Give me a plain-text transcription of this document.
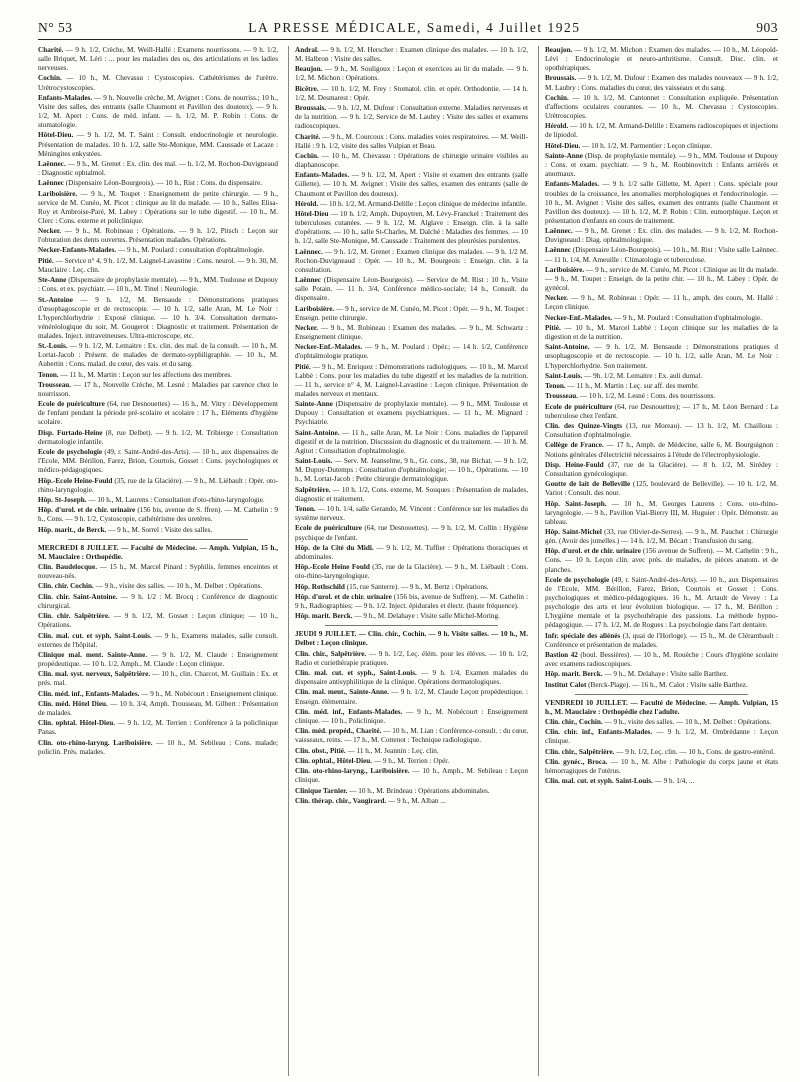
N° 53	LA PRESSE MÉDICALE, Samedi, 4 Juillet 1925	903

Charité. — 9 h. 1/2, Crèche, M. Weill-Hallé : Examens nourrissons. — 9 h. 1/2, salle Briquet, M. Léri : ... pour les maladies des os, des articulations et les ladies nerveuses.

Cochin. — 10 h., M. Chevassu : Cystoscopies. Cathétérismes de l'urètre. Urétrocystoscopies.

Enfants-Malades. — 9 h. Nouvelle crèche, M. Avignet : Cons. de nourriss.; 10 h., Visite des salles, des entrants (salle Chaumont et Pavillon des douteux). — 9 h. 1/2, M. Apert : Cons. de méd. infant. — h. 1/2, M. P. Robin : Cons. de stomatologie.

Hôtel-Dieu. — 9 h. 1/2, M. T. Saint : Consult. endocrinologie et neurologie. Présentation de malades. 10 h. 1/2, salle Ste-Monique, MM. Caussade et Lacaze : Méningites enkystées.

Laënnec. — 9 h., M. Grenet : Ex. clin. des mal. — h. 1/2, M. Rochon-Duvigneaud : Diagnostic ophtalmol.

Laënnec (Dispensaire Léon-Bourgeois). — 10 h., Rist : Cons. du dispensaire.

Lariboisière. — 9 h., M. Toupet : Enseignement de petite chirurgie. — 9 h., service de M. Cunéo, M. Picot : clinique au lit du malade. — 10 h., Salles Elisa-Roy et Ambroise-Paré, M. Labey : Opérations sur le tube digestif. — 10 h., M. Clerc : Cons. externe et policlinique.

Necker. — 9 h., M. Robineau : Opérations. — 9 h. 1/2, Pitsch : Leçon sur l'obturation des dents ouvertes. Présentation malades. Opérations.

Necker-Enfants-Malades. — 9 h., M. Poulard : consultation d'ophtalmologie.

Pitié. — Service n° 4, 9 h. 1/2, M. Laignel-Lavastine : Cons. neurol. — 9 h. 30, M. Mauclaire : Leç. clin.

Ste-Anne (Dispensaire de prophylaxie mentale). — 9 h., MM. Toulouse et Dupouy : Cons. et ex. psychiatr. — 10 h., M. Tinel : Neurologie.

St.-Antoine — 9 h. 1/2, M. Bensaude : Démonstrations pratiques d'œsophagoscopie et de rectoscopie. — 10 h. 1/2, salle Aran, M. Le Noir : L'hyperchlorhydrie : Exposé clinique. — 10 h. 3/4. Consultation dermato-vénéréologique du soir, M. Gougerot : Diagnostic et traitement. Présentation de malades. Inject. intraveineuses. Ultra-microscope, etc.

St.-Louis. — 9 h. 1/2, M. Lemaitre : Ex. clin. des mal. de la consult. — 10 h., M. Lortat-Jacob : Présent. de malades de dermato-syphiligraphie. — 10 h., M. Aubertin : Cons. malad. du cœur, des vais. et du sang.

Tenon. — 11 h., M. Martin : Leçon sur les affections des membres.

Trousseau. — 17 h., Nouvelle Crèche, M. Lesné : Maladies par carence chez le nourrisson.

Ecole de puériculture (64, rue Desnouettes) — 16 h., M. Vitry : Développement de l'enfant pendant la période pré-scolaire et scolaire : 17 h., Eléments d'hygiène scolaire.

Disp. Furtado-Heine (8, rue Delbet). — 9 h. 1/2, M. Tribierge : Consultation dermatologie infantile.

Ecole de psychologie (49, r. Saint-André-des-Arts). — 10 h., aux dispensaires de l'Ecole, MM. Bérillon, Farez, Brion, Courtois, Gosset : Cons. psychologiques et médico-pédagogiques.

Hôp.-Ecole Heine-Fould (35, rue de la Glacière). — 9 h., M. Liébault : Opér. oto-rhino-laryngologie.

Hôp. St-Joseph. — 10 h., M. Laurens : Consultation d'oto-rhino-laryngologie.

Hôp. d'urol. et de chir. urinaire (156 bis, avenue de S. ffren). — M. Cathelin : 9 h., Cons. — 9 h. 1/2, Cystoscopie, cathétérisme des uretères.

Hôp. marit., de Berck. — 9 h., M. Sorrel : Visite des salles.

MERCREDI 8 JUILLET. — Faculté de Médecine. — Amph. Vulpian, 15 h., M. Mauclaire : Orthopédie.

Clin. Baudelocque. — 15 h., M. Marcel Pinard : Syphilis, femmes enceintes et nouveau-nés.

Clin. chir. Cochin. — 9 h., visite des salles. — 10 h., M. Delbet : Opérations.

Clin. chir. Saint-Antoine. — 9 h. 1/2 : M. Brocq : Conférence de diagnostic chirurgical.

Clin. chir. Salpêtrière. — 9 h. 1/2, M. Gosset : Leçon clinique; — 10 h., Opérations.

Clin. mal. cut. et syph. Saint-Louis. — 9 h., Examens malades, salle consult. externes de l'hôpital.

Clinique mal. ment. Sainte-Anne. — 9 h. 1/2, M. Claude : Enseignement propédeutique. — 10 h. 1/2, Amph., M. Claude : Leçon clinique.

Clin. mal. syst. nerveux, Salpêtrière. — 10 h., clin. Charcot, M. Guillain : Ex. et prés. mal.

Clin. méd. inf., Enfants-Malades. — 9 h., M. Nobécourt : Enseignement clinique.

Clin. méd. Hôtel Dieu. — 10 h. 3/4, Amph. Trousseau, M. Gilbert : Présentation de malades.

Clin. ophtal. Hôtel-Dieu. — 9 h. 1/2, M. Terrien : Conférence à la policlinique Panas.

Clin. oto-rhino-laryng. Lariboisière. — 10 h., M. Sebileau : Cons. malade; policlin. Prés. malades.

Andral. — 9 h. 1/2, M. Herscher : Examen clinique des malades. — 10 h. 1/2, M. Halbron : Visite des salles.

Beaujon. — 9 h., M. Souligoux : Leçon et exercices au lit du malade. — 9 h. 1/2, M. Michon : Opérations.

Bicêtre. — 10 h. 1/2, M. Frey : Stomatol. clin. et opér. Orthodontie. — 14 h. 1/2, M. Desmarest : Opér.

Broussais. — 9 h. 1/2, M. Dufour : Consultation externe. Maladies nerveuses et de la nutrition. — 9 h. 1/2, Service de M. Laubry : Visite des salles et examens radioscopiques.

Charité. — 9 h., M. Courcoux : Cons. maladies voies respiratoires. — M. Weill-Hallé : 9 h. 1/2, visite des salles Vulpian et Beau.

Cochin. — 10 h., M. Chevassu : Opérations de chirurgie urinaire visibles au diaphanoscope.

Enfants-Malades. — 9 h. 1/2, M. Apert : Visite et examen des entrants (salle Gillette). — 10 h. M. Avignet : Visite des salles, examen des entrants (salle de Chaumont et Pavillon des douteux).

Hérold. — 10 h. 1/2, M. Armand-Delille : Leçon clinique de médecine infantile.

Hôtel-Dieu — 10 h. 1/2, Amph. Dupuytren, M. Lévy-Franckel : Traitement des tuberculoses cutanées. — 9 h. 1/2, M. Alglave : Enseign. clin. à la salle d'opérations. — 10 h., salle St-Charles, M. Dalché : Maladies des femmes. — 10 h. 1/2, salle Ste-Monique, M. Caussade : Traitement des pleurésies purulentes.

Laënnec. — 9 h. 1/2, M. Grenet : Examen clinique des malades. — 9 h. 1/2 M. Rochon-Duvigneaud : Opér. — 10 h., M. Bourgeois : Enseign. clin. à la consultation.

Laënnec (Dispensaire Léon-Bourgeois). — Service de M. Rist : 10 h., Visite salle Potain. — 11 h. 3/4, Conférence médico-sociale; 14 h., Consult. du dispensaire.

Lariboisière. — 9 h., service de M. Cunéo, M. Picot : Opér. — 9 h., M. Toupet : Enseign. petite chirurgie.

Necker. — 9 h., M. Robineau : Examen des malades. — 9 h., M. Schwartz : Enseignement clinique.

Necker-Enf.-Malades. — 9 h., M. Poulard : Opér.; — 14 h. 1/2, Conférence d'ophtalmologie pratique.

Pitié. — 9 h., M. Enriquez : Démonstrations radiologiques. — 10 h., M. Marcel Labbé : Cons. pour les maladies du tube digestif et les maladies de la nutrition. — 11 h., service n° 4, M. Laignel-Lavastine : Leçon clinique. Présentation de malades nerveux et mentaux.

Sainte-Anne (Dispensaire de prophylaxie mentale). — 9 h., MM. Toulouse et Dupouy : Consultation et examens psychiatriques. — 11 h., M. Mignard : Psychiatrie.

Saint-Antoine. — 11 h., salle Aran, M. Le Noir : Cons. maladies de l'appareil digestif et de la nutrition. Discussion du diagnostic et du traitement. — 10 h. M. Agitot : Consultation d'ophtalmologie.

Saint-Louis. — Serv. M. Jeanselme, 9 h., Gr. cons., 38, rue Bichat. — 9 h. 1/2, M. Dupuy-Dutemps : Consultation d'ophtalmologie; — 10 h., Opérations. — 10 h., M. Lortat-Jacob : Petite chirurgie dermatologique.

Salpêtrière. — 10 h. 1/2, Cons. externe, M. Souques : Présentation de malades, diagnostic et traitement.

Tenon. — 10 h. 1/4, salle Gerando, M. Vincent : Conférence sur les maladies du système nerveux.

Ecole de puériculture (64, rue Desnouettes). — 9 h. 1/2, M. Collin : Hygiène psychique de l'enfant.

Hôp. de la Cité du Midi. — 9 h. 1/2, M. Tuffier : Opérations thoraciques et abdominales.

Hôp.-Ecole Heine Fould (35, rue de la Glacière). — 9 h., M. Liébault : Cons. oto-rhino-laryngologique.

Hôp. Rothschild (15, rue Santerre). — 9 h., M. Bertz : Opérations.

Hôp. d'urol. et de chir. urinaire (156 bis, avenue de Suffren). — M. Cathelin : 9 h., Radiographies; — 9 h. 1/2. Inject. épidurales et électr. (haute fréquence).

Hôp. marit. Berck. — 9 h., M. Delahaye : Visite salle Michel-Moring.

JEUDI 9 JUILLET. — Clin. chir., Cochin. — 9 h. Visite salles. — 10 h., M. Delbet : Leçon clinique.

Clin. chir., Salpêtrière. — 9 h. 1/2, Leç. élém. pour les élèves. — 10 h. 1/2, Radio et curiethérapie pratiques.

Clin. mal. cut. et syph., Saint-Louis. — 9 h. 1/4, Examen malades du dispensaire antisyphilitique de la clinique. Opérations dermatologiques.

Clin. mal. ment., Sainte-Anne. — 9 h. 1/2, M. Claude Leçon propédeutique. : Enseign. élémentaire.

Clin. méd. inf., Enfants-Malades. — 9 h., M. Nobécourt : Enseignement clinique. — 10 h., Policlinique.

Clin. méd. propéd., Charité. — 10 h., M. Lian : Conférence-consult. : du cœur, vaisseaux, reins. — 17 h., M. Cottenot : Technique radiologique.

Clin. obst., Pitié. — 11 h., M. Jeannin : Leç. clin.

Clin. ophtal., Hôtel-Dieu. — 9 h., M. Terrien : Opér.

Clin. oto-rhino-laryng., Lariboisière. — 10 h., Amph., M. Sebileau : Leçon clinique.

Clinique Tarnier. — 10 h., M. Brindeau : Opérations abdominales.

Clin. thérap. chir., Vaugirard. — 9 h., M. Alban ...

Beaujon. — 9 h. 1/2, M. Michon : Examen des malades. — 10 h., M. Léopold-Lévi : Endocrinologie et neuro-arthritisme. Consult. Disc. clin. et opothérapiques.

Broussais. — 9 h. 1/2, M. Dufour : Examen des malades nouveaux — 9 h. 1/2, M. Laubry : Cons. maladies du cœur, des vaisseaux et du sang.

Cochin. — 10 h. 1/2, M. Cantonnet : Consultation expliquée. Présentation d'affections oculaires courantes. — 10 h., M. Chevassu : Cystoscopies. Urétroscopies.

Hérold. — 10 h. 1/2, M. Armand-Delille : Examens radioscopiques et injections de lipiodol.

Hôtel-Dieu. — 10 h. 1/2, M. Parmentier : Leçon clinique.

Sainte-Anne (Disp. de prophylaxie mentale). — 9 h., MM. Toulouse et Dupouy : Cons. et exam. psychiatr. — 9 h., M. Roubinovitch : Enfants arriérés et anormaux.

Enfants-Malades. — 9 h. 1/2 salle Gillette, M. Apert : Cons. spéciale pour troubles de la croissance, les anomalies morphologiques et l'endocrinologie. — 10 h., M. Avignet : Visite des salles, examen des entrants (salle Chaumont et Pavillon des douteux). — 10 h. 1/2, M. P. Robin : Clin. eumorphique. Leçon et présentation d'enfants en cours de traitement.

Laënnec. — 9 h., M. Grenet : Ex. clin. des malades. — 9 h. 1/2, M. Rochon-Duvigneaud : Diag. ophtalmologique.

Laënnec (Dispensaire Léon-Bourgeois). — 10 h., M. Rist : Visite salle Laënnec. — 11 h. 1/4, M. Ameuille : Climatologie et tuberculose.

Lariboisière. — 9 h., service de M. Cunéo, M. Picot : Clinique au lit du malade. — 9 h., M. Toupet : Enseign. de la petite chir. — 10 h., M. Labey : Opér. de gynécol.

Necker. — 9 h., M. Robineau : Opér. — 11 h., amph. des cours, M. Hallé : Leçon clinique.

Necker-Enf.-Malades. — 9 h., M. Poulard : Consultation d'ophtalmologie.

Pitié. — 10 h., M. Marcel Labbé : Leçon clinique sur les maladies de la digestion et de la nutrition.

Saint-Antoine. — 9 h. 1/2, M. Bensaude : Démonstrations pratiques d œsophagoscopie et de rectoscopie. — 10 h. 1/2, salle Aran, M. Le Noir : L'hyperchlorhydrie. Son traitement.

Saint-Louis. — 9h. 1/2, M. Lemaitre : Ex. auli dumal.

Tenon. — 11 h., M. Martin : Leç. sur aff. des membr.

Trousseau. — 10 h. 1/2, M. Lesné : Cons. des nourrissons.

Ecole de puériculture (64, rue Desnouettes); — 17 h., M. Léon Bernard : La tuberculose chez l'enfant.

Clin. des Quinze-Vingts (13, rue Moreau). — 13 h. 1/2, M. Chaillous : Consultation d'ophtalmologie.

Collège de France. — 17 h., Amph. de Médecine, salle 6, M. Bourguignon : Notions générales d'électricité nécessaires à l'étude de l'électrophysiologie.

Disp. Heine-Fould (37, rue de la Glacière). — 8 h. 1/2, M. Sirédey : Consultation gynécologique.

Goutte de lait de Belleville (125, boulevard de Belleville). — 10 h. 1/2, M. Variot : Consult. des nour.

Hôp. Saint-Joseph. — 10 h., M. Georges Laurens : Cons. oto-rhino-laryngologie. — 9 h., Pavillon Vial-Bierry III, M. Huguier : Opér. Démonstr. au tableau.

Hôp. Saint-Michel (33, rue Olivier-de-Serres). — 9 h., M. Pauchet : Chirurgie gén. (Avoir des jumelles.) — 14 h. 1/2, M. Bécart : Transfusion du sang.

Hôp. d'urol. et de chir. urinaire (156 avenue de Suffren). — M. Cathelin : 9 h., Cons. — 10 h. Leçon clin. avec prés. de malades, de pièces anatom. et de planches.

Ecole de psychologie (49, r. Saint-André-des-Arts). — 10 h., aux Dispensaires de l'Ecole, MM. Bérillon, Farez, Brion, Courtois et Gosset : Cons. psychologiques et médico-pédagogiques. 16 h., M. Artault de Vevey : La psychologie des arts et leur évolution biologique. — 17 h., M. Bérillon : L'hygiène mentale et la psychothérapie des passions. La méthode hypno-pédagogique. — 17 h. 1/2, M. de Rogues : La psychologie dans l'art dentaire.

Infr. spéciale des aliénés (3, quai de l'Horloge). — 15 h., M. de Clérambault : Conférence et présentation de malades.

Bastion 42 (boul. Bessières). — 10 h., M. Rouèche : Cours d'hygiène scolaire avec examens radioscopiques.

Hôp. marit. Berck. — 9 h., M. Delahaye : Visite salle Barthez.

Institut Calot (Berck-Plage). — 16 h., M. Calot : Visite salle Barthez.

VENDREDI 10 JUILLET. — Faculté de Médecine. — Amph. Vulpian, 15 h., M. Mauclaire : Orthopédie chez l'adulte.

Clin. chir., Cochin. — 9 h., visite des salles. — 10 h., M. Delbet : Opérations.

Clin. chir. inf., Enfants-Malades. — 9 h. 1/2, M. Ombrédanne : Leçon clinique.

Clin. chir., Salpêtrière. — 9 h. 1/2, Leç. clin. — 10 h., Cons. de gastro-entérol.

Clin. gynéc., Broca. — 10 h., M. Albe : Pathologie du corps jaune et états hémorragiques de l'utérus.

Clin. mal. cut. et syph. Saint-Louis. — 9 h. 1/4, ...
